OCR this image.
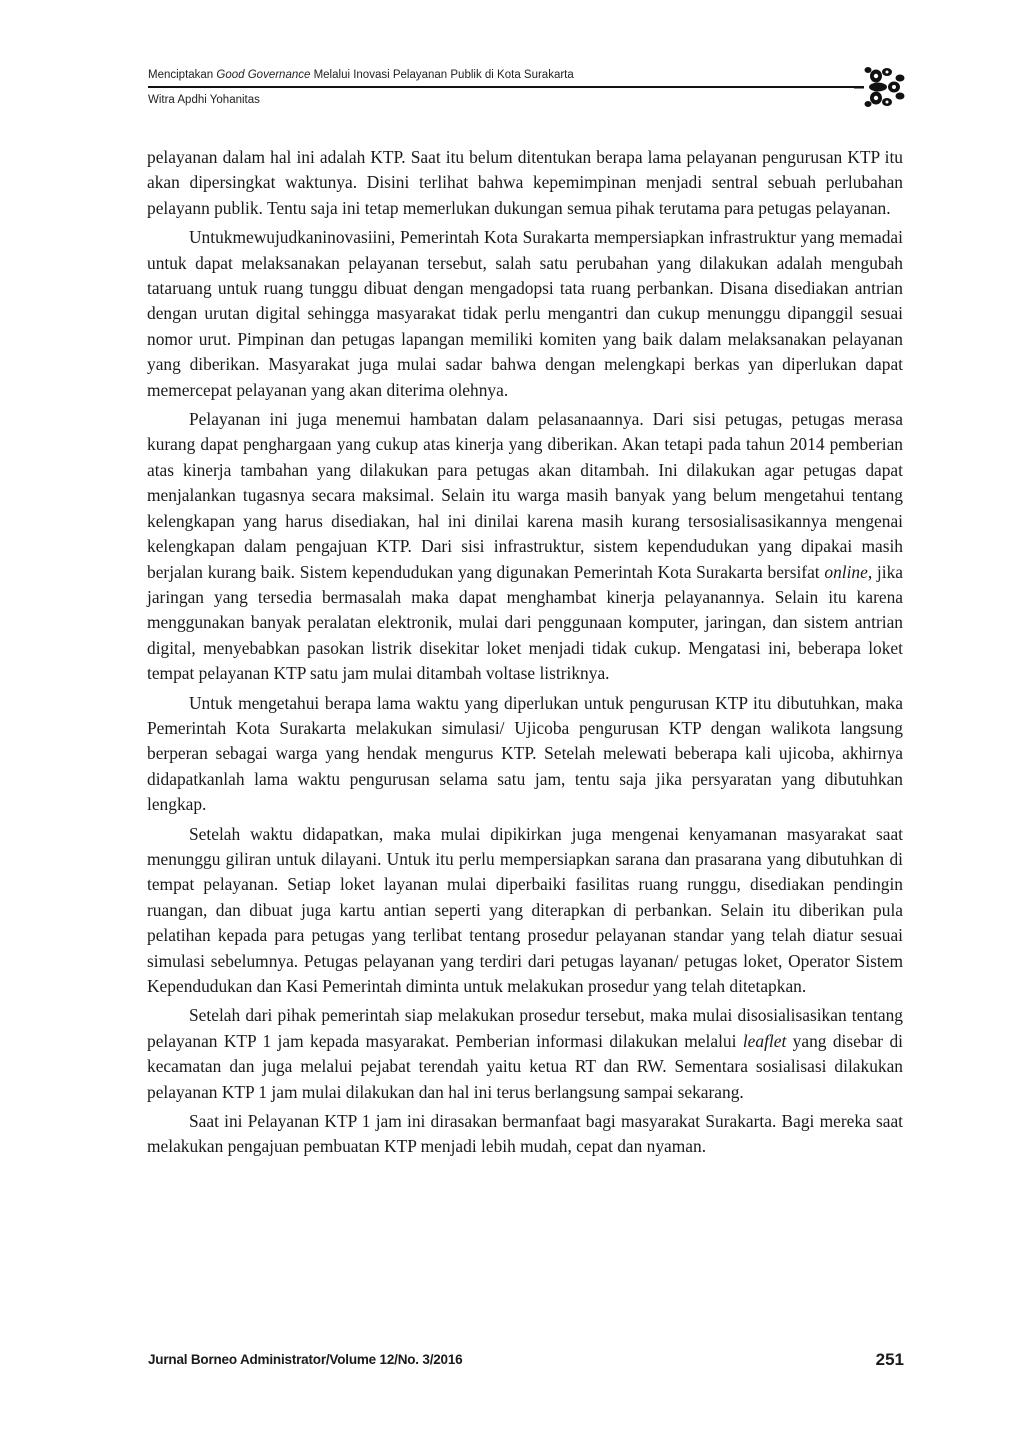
Menciptakan Good Governance Melalui Inovasi Pelayanan Publik di Kota Surakarta
Witra Apdhi Yohanitas

pelayanan dalam hal ini adalah KTP. Saat itu belum ditentukan berapa lama pelayanan pengurusan KTP itu akan dipersingkat waktunya. Disini terlihat bahwa kepemimpinan menjadi sentral sebuah perlubahan pelayann publik. Tentu saja ini tetap memerlukan dukungan semua pihak terutama para petugas pelayanan.

Untukmewujudkaninovasiini, Pemerintah Kota Surakarta mempersiapkan infrastruktur yang memadai untuk dapat melaksanakan pelayanan tersebut, salah satu perubahan yang dilakukan adalah mengubah tataruang untuk ruang tunggu dibuat dengan mengadopsi tata ruang perbankan. Disana disediakan antrian dengan urutan digital sehingga masyarakat tidak perlu mengantri dan cukup menunggu dipanggil sesuai nomor urut. Pimpinan dan petugas lapangan memiliki komiten yang baik dalam melaksanakan pelayanan yang diberikan. Masyarakat juga mulai sadar bahwa dengan melengkapi berkas yan diperlukan dapat memercepat pelayanan yang akan diterima olehnya.

Pelayanan ini juga menemui hambatan dalam pelasanaannya. Dari sisi petugas, petugas merasa kurang dapat penghargaan yang cukup atas kinerja yang diberikan. Akan tetapi pada tahun 2014 pemberian atas kinerja tambahan yang dilakukan para petugas akan ditambah. Ini dilakukan agar petugas dapat menjalankan tugasnya secara maksimal. Selain itu warga masih banyak yang belum mengetahui tentang kelengkapan yang harus disediakan, hal ini dinilai karena masih kurang tersosialisasikannya mengenai kelengkapan dalam pengajuan KTP. Dari sisi infrastruktur, sistem kependudukan yang dipakai masih berjalan kurang baik. Sistem kependudukan yang digunakan Pemerintah Kota Surakarta bersifat online, jika jaringan yang tersedia bermasalah maka dapat menghambat kinerja pelayanannya. Selain itu karena menggunakan banyak peralatan elektronik, mulai dari penggunaan komputer, jaringan, dan sistem antrian digital, menyebabkan pasokan listrik disekitar loket menjadi tidak cukup. Mengatasi ini, beberapa loket tempat pelayanan KTP satu jam mulai ditambah voltase listriknya.

Untuk mengetahui berapa lama waktu yang diperlukan untuk pengurusan KTP itu dibutuhkan, maka Pemerintah Kota Surakarta melakukan simulasi/ Ujicoba pengurusan KTP dengan walikota langsung berperan sebagai warga yang hendak mengurus KTP. Setelah melewati beberapa kali ujicoba, akhirnya didapatkanlah lama waktu pengurusan selama satu jam, tentu saja jika persyaratan yang dibutuhkan lengkap.

Setelah waktu didapatkan, maka mulai dipikirkan juga mengenai kenyamanan masyarakat saat menunggu giliran untuk dilayani. Untuk itu perlu mempersiapkan sarana dan prasarana yang dibutuhkan di tempat pelayanan. Setiap loket layanan mulai diperbaiki fasilitas ruang runggu, disediakan pendingin ruangan, dan dibuat juga kartu antian seperti yang diterapkan di perbankan. Selain itu diberikan pula pelatihan kepada para petugas yang terlibat tentang prosedur pelayanan standar yang telah diatur sesuai simulasi sebelumnya. Petugas pelayanan yang terdiri dari petugas layanan/ petugas loket, Operator Sistem Kependudukan dan Kasi Pemerintah diminta untuk melakukan prosedur yang telah ditetapkan.

Setelah dari pihak pemerintah siap melakukan prosedur tersebut, maka mulai disosialisasikan tentang pelayanan KTP 1 jam kepada masyarakat. Pemberian informasi dilakukan melalui leaflet yang disebar di kecamatan dan juga melalui pejabat terendah yaitu ketua RT dan RW. Sementara sosialisasi dilakukan pelayanan KTP 1 jam mulai dilakukan dan hal ini terus berlangsung sampai sekarang.

Saat ini Pelayanan KTP 1 jam ini dirasakan bermanfaat bagi masyarakat Surakarta. Bagi mereka saat melakukan pengajuan pembuatan KTP menjadi lebih mudah, cepat dan nyaman.

Jurnal Borneo Administrator/Volume 12/No. 3/2016	251
